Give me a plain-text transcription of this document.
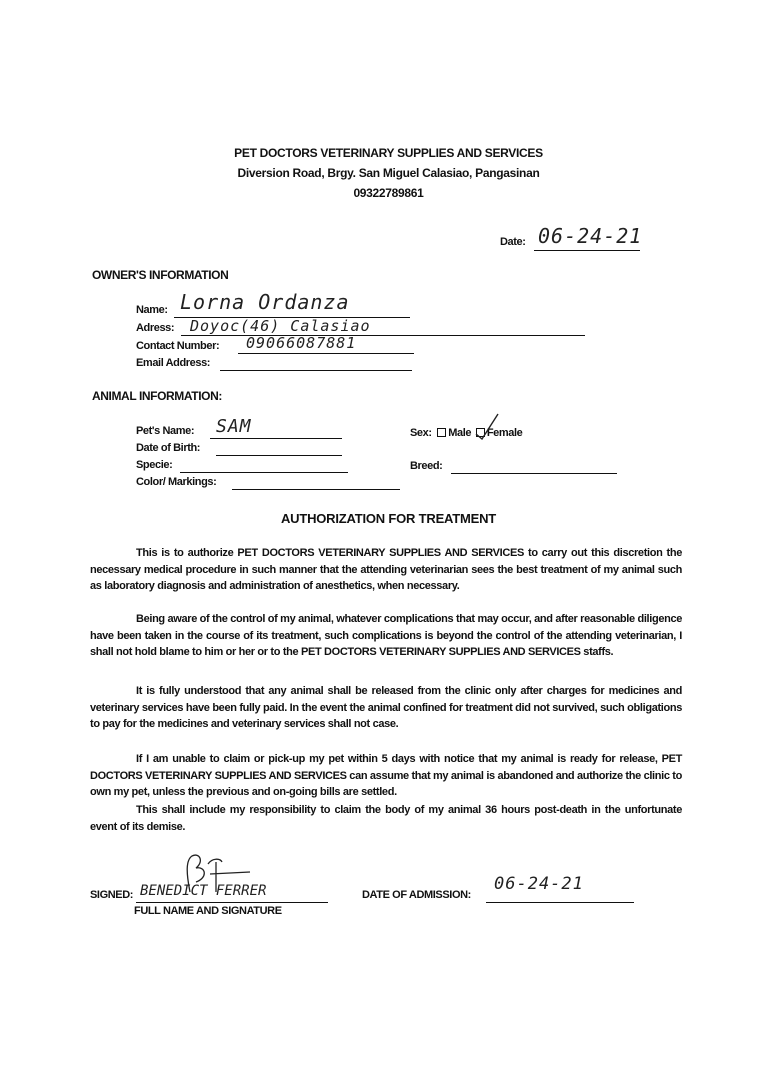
PET DOCTORS VETERINARY SUPPLIES AND SERVICES
Diversion Road, Brgy. San Miguel Calasiao, Pangasinan
09322789861
Date: 06-24-21
OWNER'S INFORMATION
Name: Lorna Ordanza
Adress: Doyoc(46) Calasiao
Contact Number: 09066087881
Email Address:
ANIMAL INFORMATION:
Pet's Name: SAM
Date of Birth:
Specie:
Color/ Markings:
Sex: Male Female
Breed:
AUTHORIZATION FOR TREATMENT

This is to authorize PET DOCTORS VETERINARY SUPPLIES AND SERVICES to carry out this discretion the necessary medical procedure in such manner that the attending veterinarian sees the best treatment of my animal such as laboratory diagnosis and administration of anesthetics, when necessary.

Being aware of the control of my animal, whatever complications that may occur, and after reasonable diligence have been taken in the course of its treatment, such complications is beyond the control of the attending veterinarian, I shall not hold blame to him or her or to the PET DOCTORS VETERINARY SUPPLIES AND SERVICES staffs.

It is fully understood that any animal shall be released from the clinic only after charges for medicines and veterinary services have been fully paid. In the event the animal confined for treatment did not survived, such obligations to pay for the medicines and veterinary services shall not case.

If I am unable to claim or pick-up my pet within 5 days with notice that my animal is ready for release, PET DOCTORS VETERINARY SUPPLIES AND SERVICES can assume that my animal is abandoned and authorize the clinic to own my pet, unless the previous and on-going bills are settled.

This shall include my responsibility to claim the body of my animal 36 hours post-death in the unfortunate event of its demise.

SIGNED: BENEDICT FERRER
FULL NAME AND SIGNATURE
DATE OF ADMISSION:
06-24-21
